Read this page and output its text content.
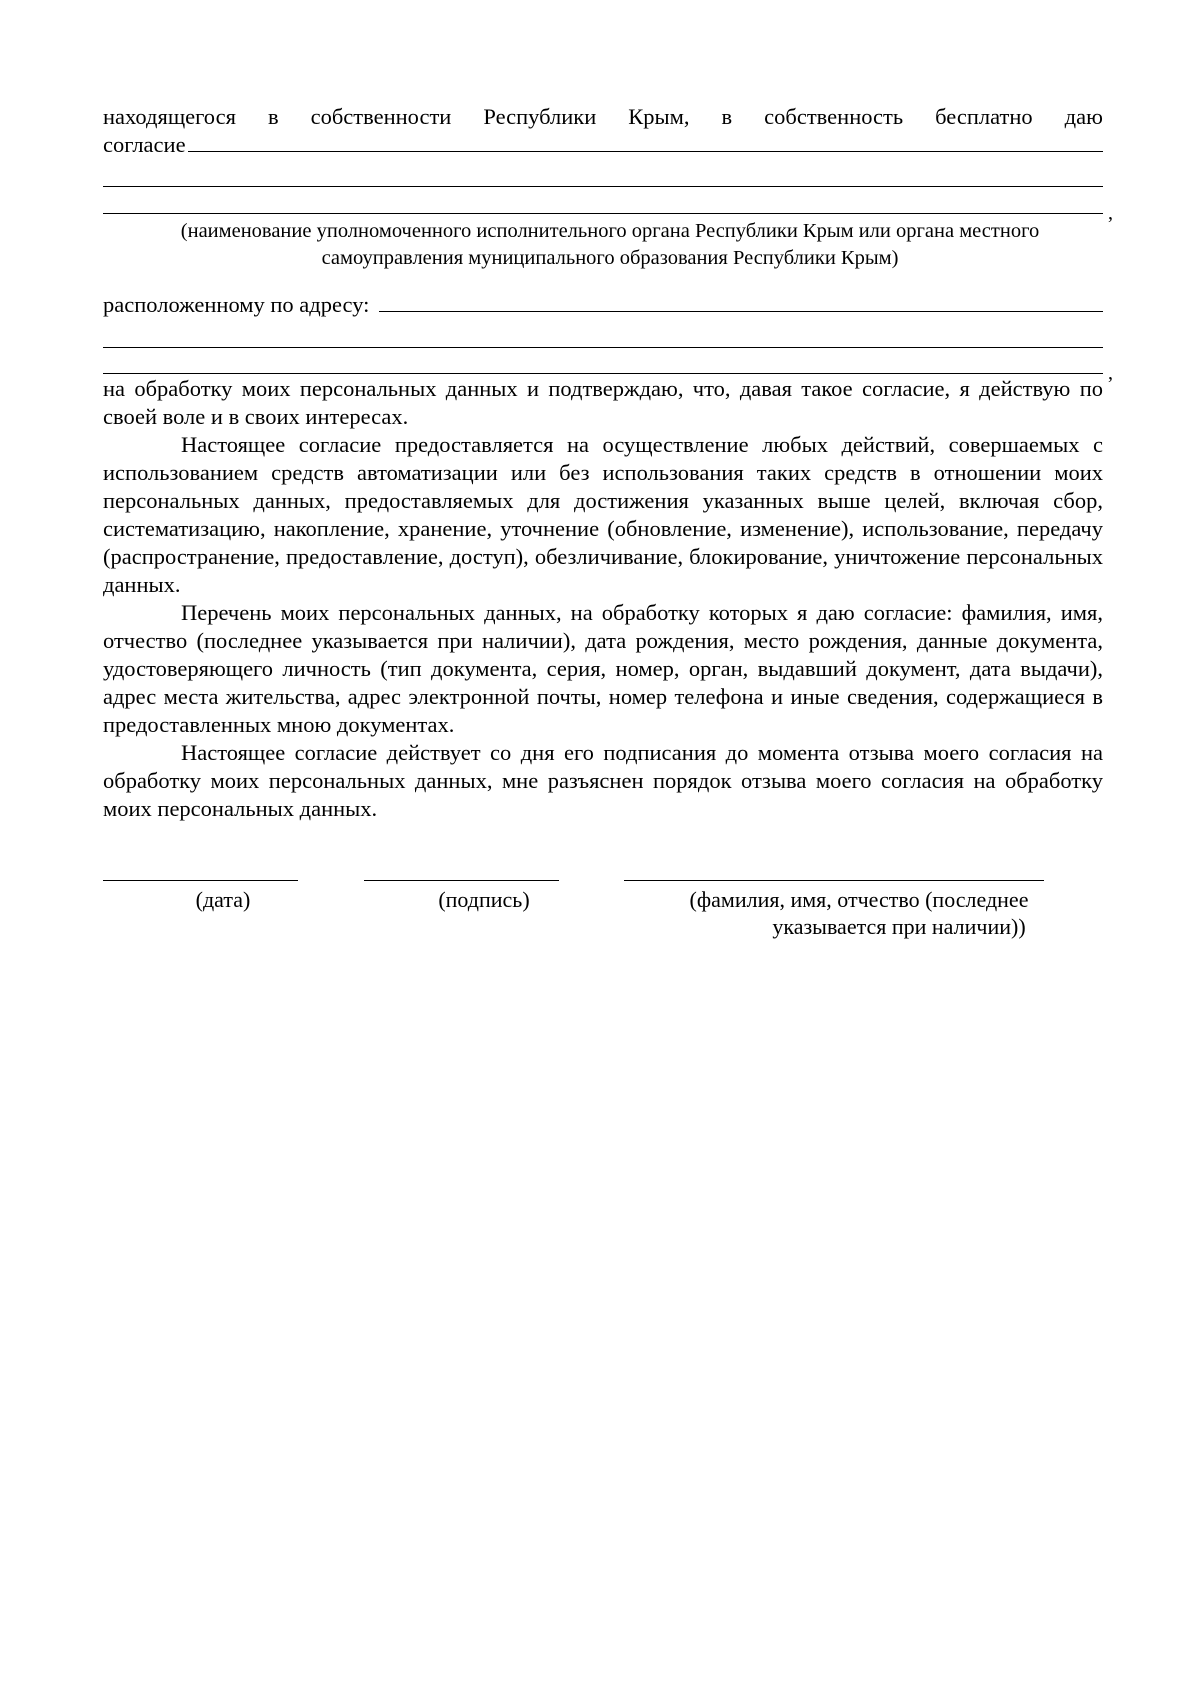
находящегося в собственности Республики Крым, в собственность бесплатно даю
согласие
,
(наименование уполномоченного исполнительного органа Республики Крым или органа местного
самоуправления муниципального образования Республики Крым)
расположенному по адресу:
,

на обработку моих персональных данных и подтверждаю, что, давая такое согласие, я действую по своей воле и в своих интересах.

Настоящее согласие предоставляется на осуществление любых действий, совершаемых с использованием средств автоматизации или без использования таких средств в отношении моих персональных данных, предоставляемых для достижения указанных выше целей, включая сбор, систематизацию, накопление, хранение, уточнение (обновление, изменение), использование, передачу (распространение, предоставление, доступ), обезличивание, блокирование, уничтожение персональных данных.

Перечень моих персональных данных, на обработку которых я даю согласие: фамилия, имя, отчество (последнее указывается при наличии), дата рождения, место рождения, данные документа, удостоверяющего личность (тип документа, серия, номер, орган, выдавший документ, дата выдачи), адрес места жительства, адрес электронной почты, номер телефона и иные сведения, содержащиеся в предоставленных мною документах.

Настоящее согласие действует со дня его подписания до момента отзыва моего согласия на обработку моих персональных данных, мне разъяснен порядок отзыва моего согласия на обработку моих персональных данных.

(дата)	(подпись)	(фамилия, имя, отчество (последнее
указывается при наличии))
